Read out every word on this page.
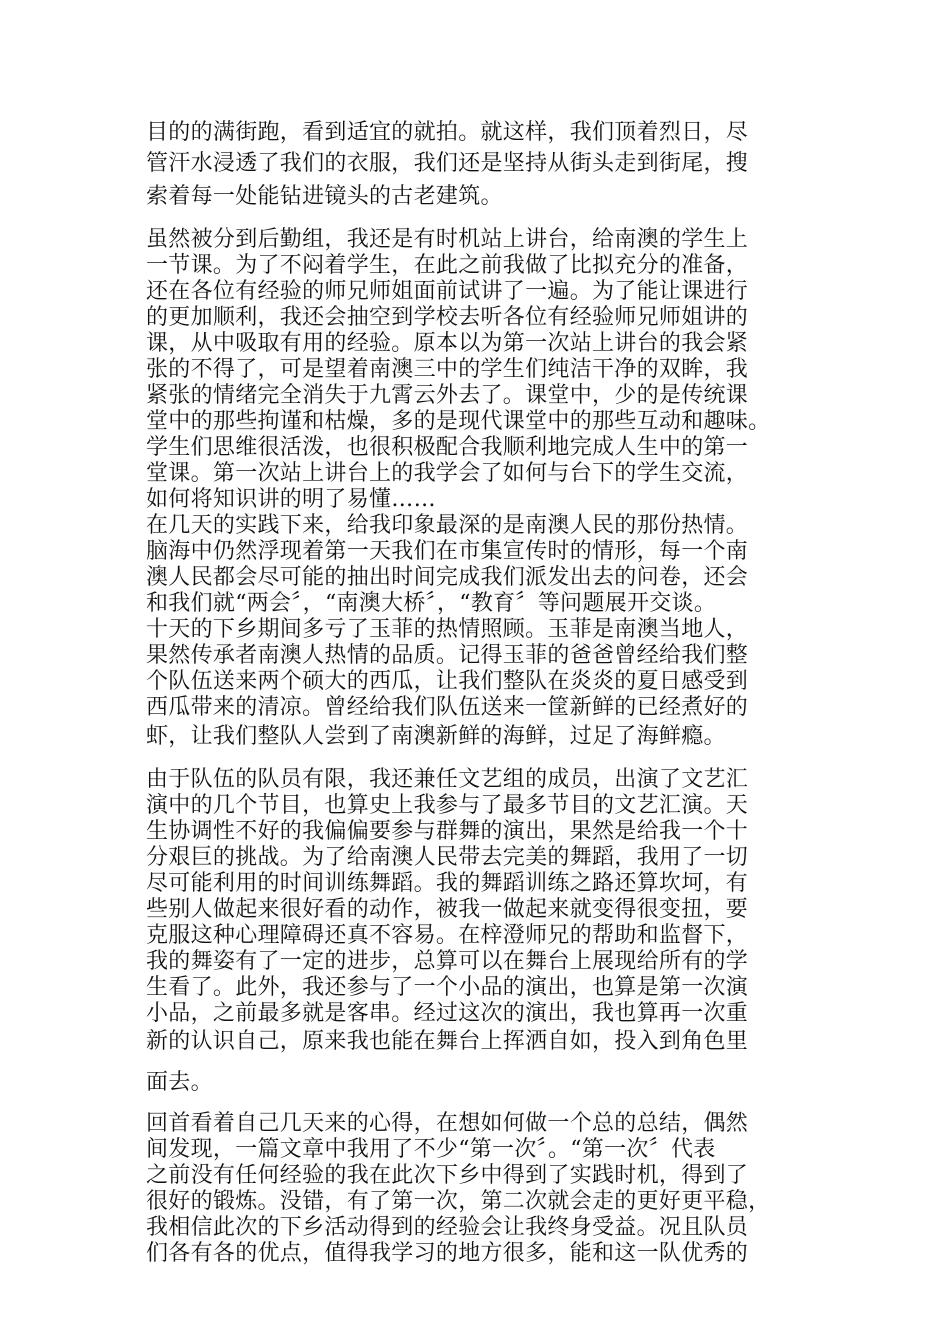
目的的满街跑，看到适宜的就拍。就这样，我们顶着烈日，尽
管汗水浸透了我们的衣服，我们还是坚持从街头走到街尾，搜
索着每一处能钻进镜头的古老建筑。
虽然被分到后勤组，我还是有时机站上讲台，给南澳的学生上
一节课。为了不闷着学生，在此之前我做了比拟充分的准备，
还在各位有经验的师兄师姐面前试讲了一遍。为了能让课进行
的更加顺利，我还会抽空到学校去听各位有经验师兄师姐讲的
课，从中吸取有用的经验。原本以为第一次站上讲台的我会紧
张的不得了，可是望着南澳三中的学生们纯洁干净的双眸，我
紧张的情绪完全消失于九霄云外去了。课堂中，少的是传统课
堂中的那些拘谨和枯燥，多的是现代课堂中的那些互动和趣味。
学生们思维很活泼，也很积极配合我顺利地完成人生中的第一
堂课。第一次站上讲台上的我学会了如何与台下的学生交流，
如何将知识讲的明了易懂……
在几天的实践下来，给我印象最深的是南澳人民的那份热情。
脑海中仍然浮现着第一天我们在市集宣传时的情形，每一个南
澳人民都会尽可能的抽出时间完成我们派发出去的问卷，还会
和我们就“两会〞，“南澳大桥〞，“教育〞等问题展开交谈。
十天的下乡期间多亏了玉菲的热情照顾。玉菲是南澳当地人，
果然传承者南澳人热情的品质。记得玉菲的爸爸曾经给我们整
个队伍送来两个硕大的西瓜，让我们整队在炎炎的夏日感受到
西瓜带来的清凉。曾经给我们队伍送来一筐新鲜的已经煮好的
虾，让我们整队人尝到了南澳新鲜的海鲜，过足了海鲜瘾。
由于队伍的队员有限，我还兼任文艺组的成员，出演了文艺汇
演中的几个节目，也算史上我参与了最多节目的文艺汇演。天
生协调性不好的我偏偏要参与群舞的演出，果然是给我一个十
分艰巨的挑战。为了给南澳人民带去完美的舞蹈，我用了一切
尽可能利用的时间训练舞蹈。我的舞蹈训练之路还算坎坷，有
些别人做起来很好看的动作，被我一做起来就变得很变扭，要
克服这种心理障碍还真不容易。在梓澄师兄的帮助和监督下，
我的舞姿有了一定的进步，总算可以在舞台上展现给所有的学
生看了。此外，我还参与了一个小品的演出，也算是第一次演
小品，之前最多就是客串。经过这次的演出，我也算再一次重
新的认识自己，原来我也能在舞台上挥洒自如，投入到角色里
面去。
回首看着自己几天来的心得，在想如何做一个总的总结，偶然
间发现，一篇文章中我用了不少“第一次〞。“第一次〞代表
之前没有任何经验的我在此次下乡中得到了实践时机，得到了
很好的锻炼。没错，有了第一次，第二次就会走的更好更平稳，
我相信此次的下乡活动得到的经验会让我终身受益。况且队员
们各有各的优点，值得我学习的地方很多，能和这一队优秀的
